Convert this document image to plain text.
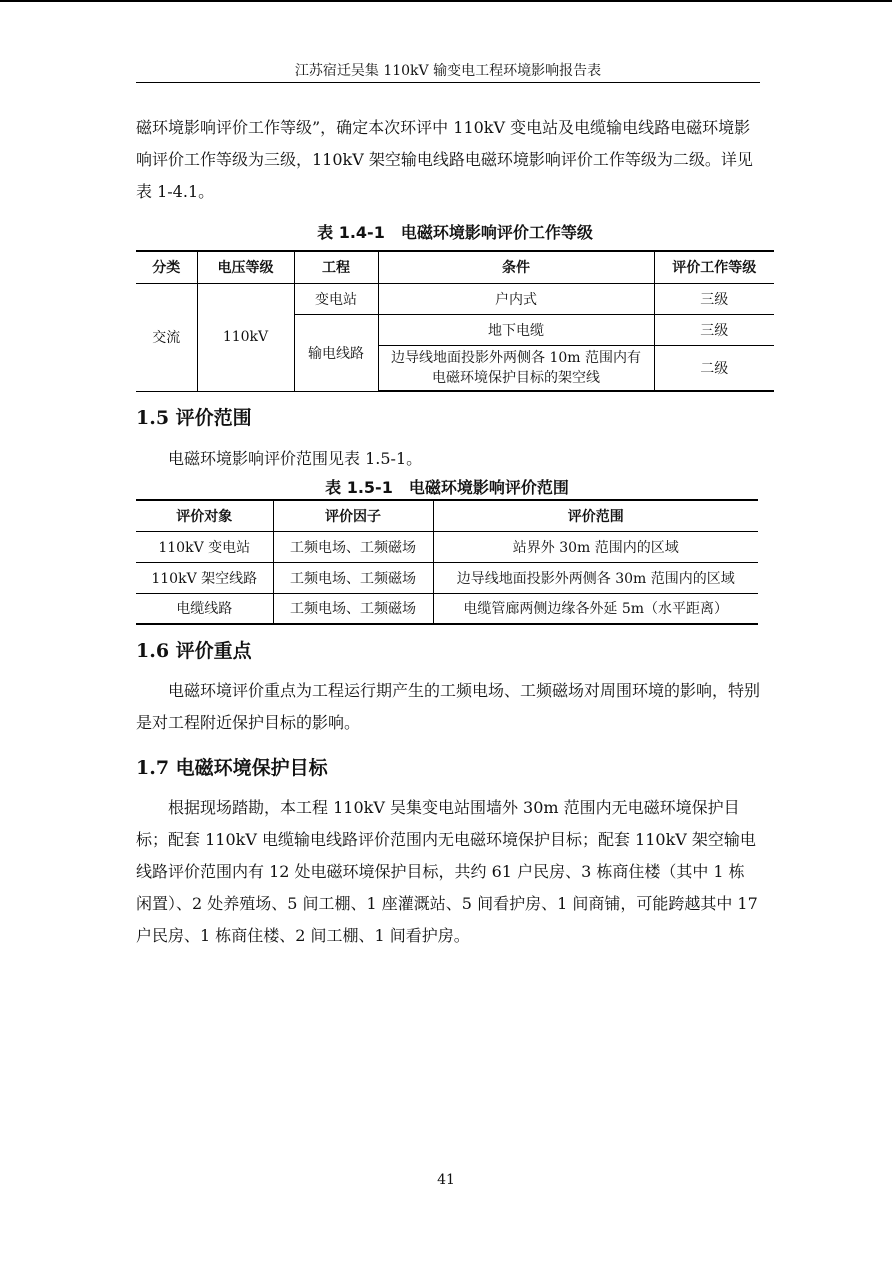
江苏宿迁吴集 110kV 输变电工程环境影响报告表

磁环境影响评价工作等级”，确定本次环评中 110kV 变电站及电缆输电线路电磁环境影响评价工作等级为三级，110kV 架空输电线路电磁环境影响评价工作等级为二级。详见表 1-4.1。

表 1.4-1　电磁环境影响评价工作等级
分类	电压等级	工程	条件	评价工作等级
交流	110kV	变电站	户内式	三级
		输电线路	地下电缆	三级
			边导线地面投影外两侧各 10m 范围内有电磁环境保护目标的架空线	二级
1.5 评价范围

电磁环境影响评价范围见表 1.5-1。

表 1.5-1　电磁环境影响评价范围
评价对象	评价因子	评价范围
110kV 变电站	工频电场、工频磁场	站界外 30m 范围内的区域
110kV 架空线路	工频电场、工频磁场	边导线地面投影外两侧各 30m 范围内的区域
电缆线路	工频电场、工频磁场	电缆管廊两侧边缘各外延 5m（水平距离）
1.6 评价重点

电磁环境评价重点为工程运行期产生的工频电场、工频磁场对周围环境的影响，特别是对工程附近保护目标的影响。

1.7 电磁环境保护目标

根据现场踏勘，本工程 110kV 吴集变电站围墙外 30m 范围内无电磁环境保护目标；配套 110kV 电缆输电线路评价范围内无电磁环境保护目标；配套 110kV 架空输电线路评价范围内有 12 处电磁环境保护目标，共约 61 户民房、3 栋商住楼（其中 1 栋闲置）、2 处养殖场、5 间工棚、1 座灌溉站、5 间看护房、1 间商铺，可能跨越其中 17 户民房、1 栋商住楼、2 间工棚、1 间看护房。

41
